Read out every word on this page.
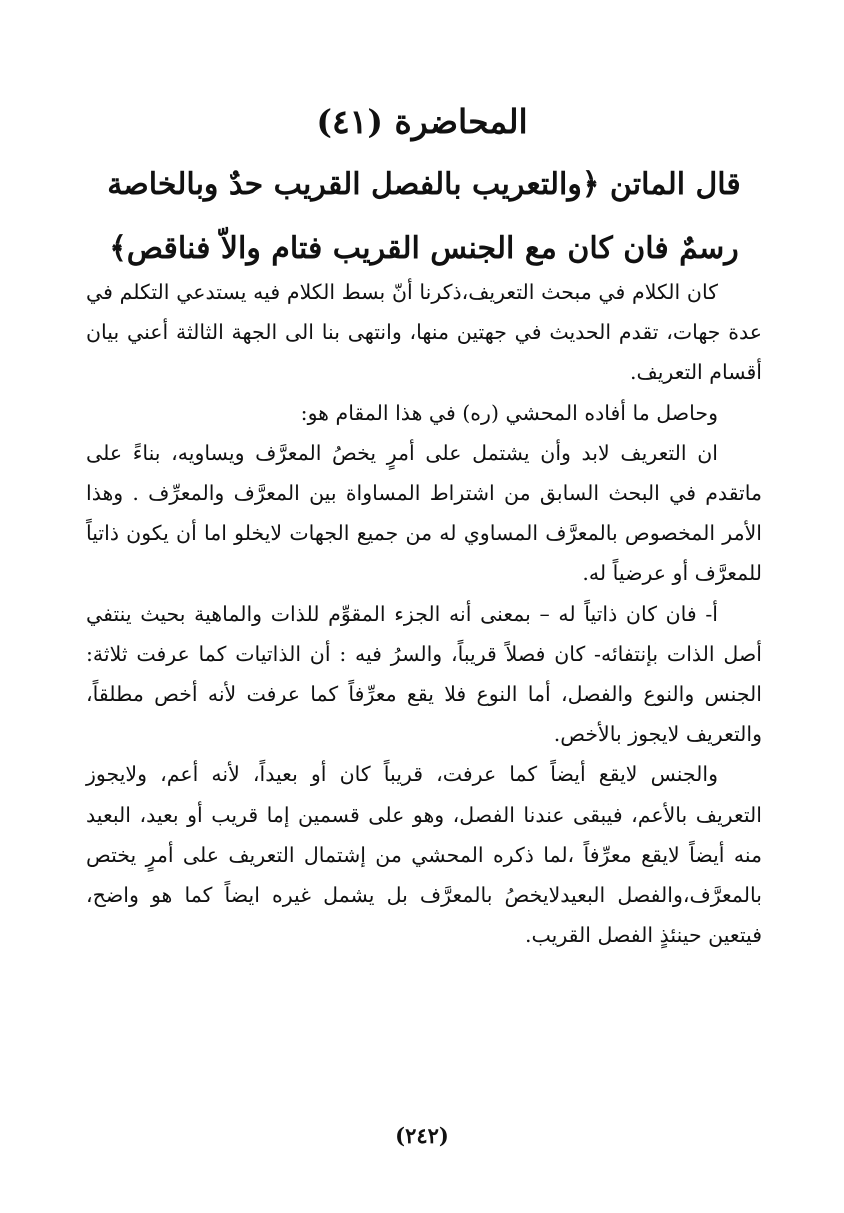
المحاضرة (٤١)
قال الماتن ﴿والتعريب بالفصل القريب حدٌ وبالخاصة
رسمٌ فان كان مع الجنس القريب فتام والاّ فناقص﴾

كان الكلام في مبحث التعريف،ذكرنا أنّ بسط الكلام فيه يستدعي التكلم في عدة جهات، تقدم الحديث في جهتين منها، وانتهى بنا الى الجهة الثالثة أعني بيان أقسام التعريف.

وحاصل ما أفاده المحشي (ره) في هذا المقام هو:

ان التعريف لابد وأن يشتمل على أمرٍ يخصُ المعرَّف ويساويه، بناءً على ماتقدم في البحث السابق من اشتراط المساواة بين المعرَّف والمعرِّف . وهذا الأمر المخصوص بالمعرَّف المساوي له من جميع الجهات لايخلو اما أن يكون ذاتياً للمعرَّف أو عرضياً له.

أ- فان كان ذاتياً له – بمعنى أنه الجزء المقوِّم للذات والماهية بحيث ينتفي أصل الذات بإنتفائه- كان فصلاً قريباً، والسرُ فيه : أن الذاتيات كما عرفت ثلاثة: الجنس والنوع والفصل، أما النوع فلا يقع معرِّفاً كما عرفت لأنه أخص مطلقاً، والتعريف لايجوز بالأخص.

والجنس لايقع أيضاً كما عرفت، قريباً كان أو بعيداً، لأنه أعم، ولايجوز التعريف بالأعم، فيبقى عندنا الفصل، وهو على قسمين إما قريب أو بعيد، البعيد منه أيضاً لايقع معرِّفاً ،لما ذكره المحشي من إشتمال التعريف على أمرٍ يختص بالمعرَّف،والفصل البعيدلايخصُ بالمعرَّف بل يشمل غيره ايضاً كما هو واضح، فيتعين حينئذٍ الفصل القريب.

(٢٤٢)
